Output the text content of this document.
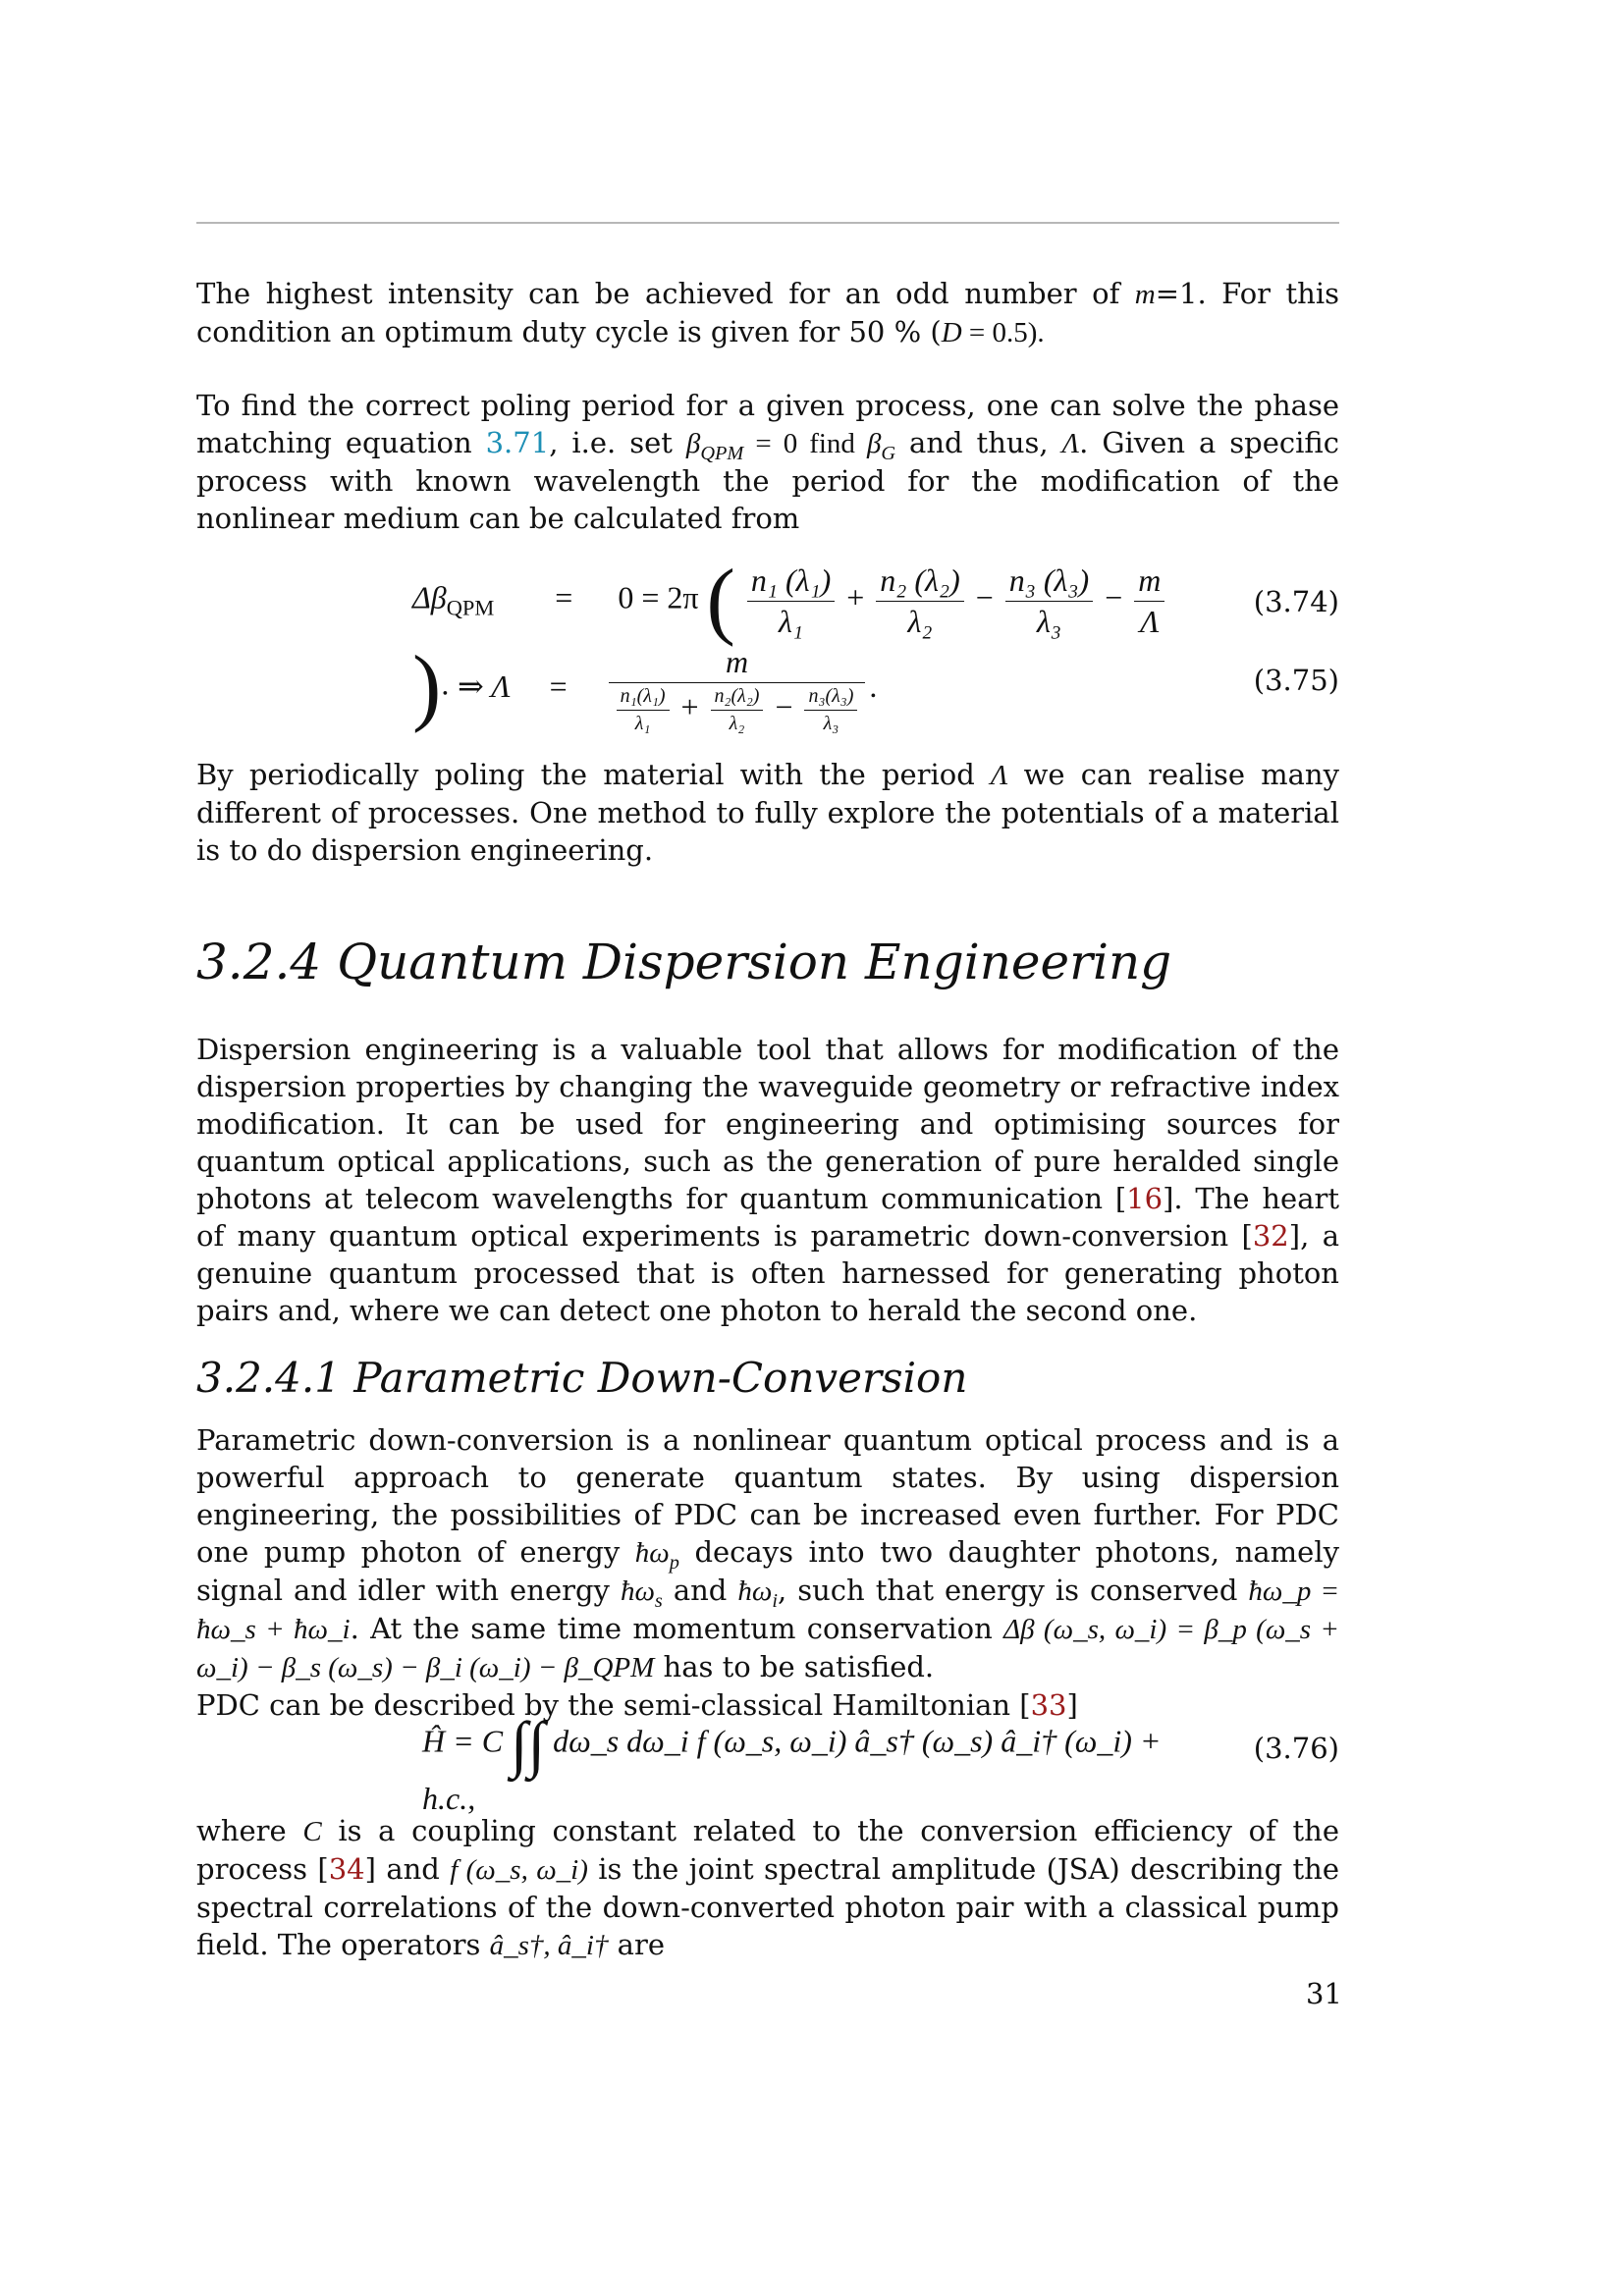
The highest intensity can be achieved for an odd number of m=1. For this condition an optimum duty cycle is given for 50 % (D = 0.5).

To find the correct poling period for a given process, one can solve the phase matching equation 3.71, i.e. set $\beta_{QPM} = 0$ find $\beta_G$ and thus, Λ. Given a specific process with known wavelength the period for the modification of the nonlinear medium can be calculated from

$\Delta\beta_{QPM} = 0 = 2\pi$ ( $\frac{\text{n₁ (λ₁)}}{\text{λ₁}} + \frac{\text{n₂ (λ₂)}}{\text{λ₂}} - \frac{\text{n₃ (λ₃)}}{\text{λ₃}} - \frac{m}{\Lambda}$
).
(3.74)
⇒ $\Lambda = \frac{m}{\frac{\text{n₁(λ₁)}}{\text{λ₁}} + \frac{\text{n₂(λ₂)}}{\text{λ₂}} - \frac{\text{n₃(λ₃)}}{\text{λ₃}}}$ .	(3.75)

By periodically poling the material with the period Λ we can realise many different of processes. One method to fully explore the potentials of a material is to do dispersion engineering.

3.2.4 Quantum Dispersion Engineering

Dispersion engineering is a valuable tool that allows for modification of the dispersion properties by changing the waveguide geometry or refractive index modification. It can be used for engineering and optimising sources for quantum optical applications, such as the generation of pure heralded single photons at telecom wavelengths for quantum communication [16]. The heart of many quantum optical experiments is parametric down-conversion [32], a genuine quantum processed that is often harnessed for generating photon pairs and, where we can detect one photon to herald the second one.

3.2.4.1 Parametric Down-Conversion

Parametric down-conversion is a nonlinear quantum optical process and is a powerful approach to generate quantum states. By using dispersion engineering, the possibilities of PDC can be increased even further. For PDC one pump photon of energy $ħ\omega_p$ decays into two daughter photons, namely signal and idler with energy $ħ\omega_s$ and $ħ\omega_i$, such that energy is conserved ħω_p = ħω_s + ħω_i. At the same time momentum conservation Δβ (ω_s, ω_i) = β_p (ω_s + ω_i) − β_s (ω_s) − β_i (ω_i) − β_QPM has to be satisfied.
PDC can be described by the semi-classical Hamiltonian [33]

Ĥ = C ∫∫ dω_s dω_i f (ω_s, ω_i) â_s† (ω_s) â_i† (ω_i) + h.c.,
(3.76)

where C is a coupling constant related to the conversion efficiency of the process [34] and f (ω_s, ω_i) is the joint spectral amplitude (JSA) describing the spectral correlations of the down-converted photon pair with a classical pump field. The operators â_s†, â_i† are

31
